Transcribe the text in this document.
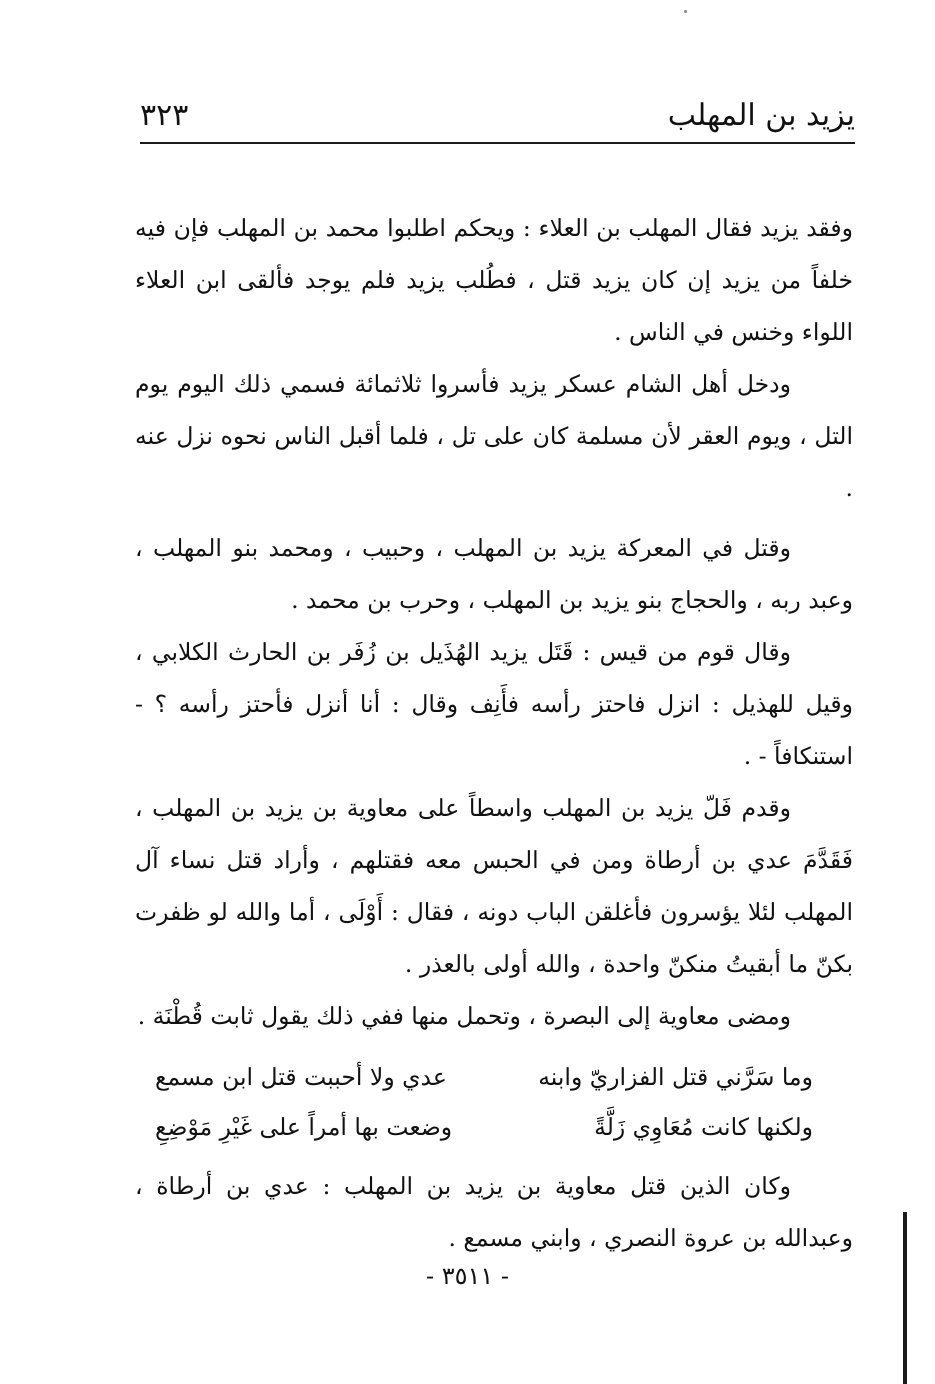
يزيد بن المهلب
٣٢٣

وفقد يزيد فقال المهلب بن العلاء : ويحكم اطلبوا محمد بن المهلب فإن فيه خلفاً من يزيد إن كان يزيد قتل ، فطُلب يزيد فلم يوجد فألقى ابن العلاء اللواء وخنس في الناس .

ودخل أهل الشام عسكر يزيد فأسروا ثلاثمائة فسمي ذلك اليوم يوم التل ، ويوم العقر لأن مسلمة كان على تل ، فلما أقبل الناس نحوه نزل عنه .

وقتل في المعركة يزيد بن المهلب ، وحبيب ، ومحمد بنو المهلب ، وعبد ربه ، والحجاج بنو يزيد بن المهلب ، وحرب بن محمد .

وقال قوم من قيس : قَتَل يزيد الهُذَيل بن زُفَر بن الحارث الكلابي ، وقيل للهذيل : انزل فاحتز رأسه فأَنِف وقال : أنا أنزل فأحتز رأسه ؟ - استنكافاً - .

وقدم فَلّ يزيد بن المهلب واسطاً على معاوية بن يزيد بن المهلب ، فَقَدَّمَ عدي بن أرطاة ومن في الحبس معه فقتلهم ، وأراد قتل نساء آل المهلب لئلا يؤسرون فأغلقن الباب دونه ، فقال : أَوْلَى ، أما والله لو ظفرت بكنّ ما أبقيتُ منكنّ واحدة ، والله أولى بالعذر .

ومضى معاوية إلى البصرة ، وتحمل منها ففي ذلك يقول ثابت قُطْنَة .

وما سَرَّني قتل الفزاريّ وابنه
عدي ولا أحببت قتل ابن مسمع
ولكنها كانت مُعَاوِي زَلَّةً
وضعت بها أمراً على غَيْرِ مَوْضِعِ

وكان الذين قتل معاوية بن يزيد بن المهلب : عدي بن أرطاة ، وعبدالله بن عروة النصري ، وابني مسمع .

- ٣٥١١ -
